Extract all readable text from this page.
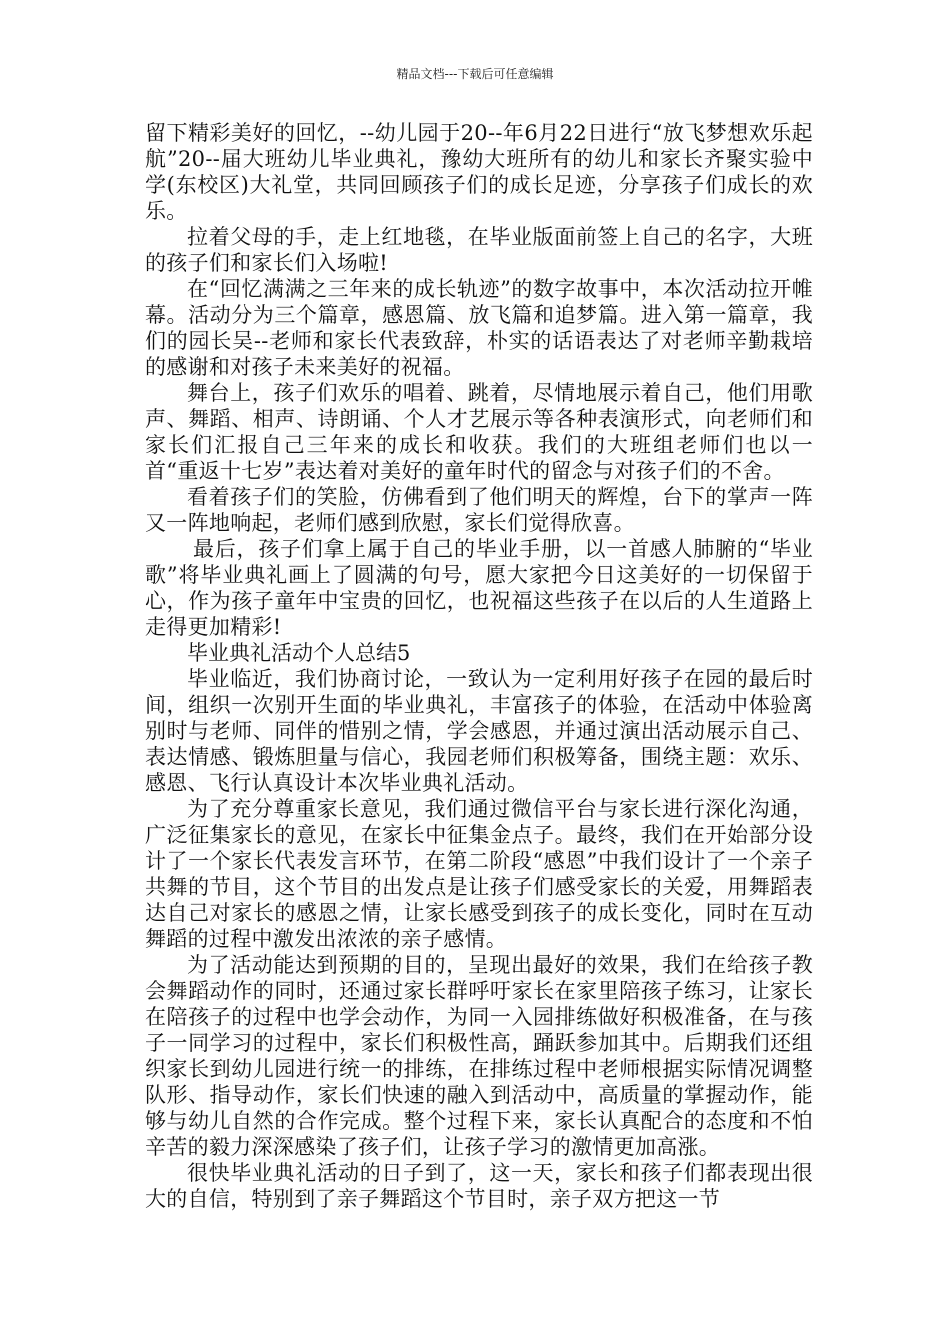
精品文档---下载后可任意编辑

留下精彩美好的回忆，--幼儿园于20--年6月22日进行“放飞梦想欢乐起航”20--届大班幼儿毕业典礼，豫幼大班所有的幼儿和家长齐聚实验中学(东校区)大礼堂，共同回顾孩子们的成长足迹，分享孩子们成长的欢乐。

拉着父母的手，走上红地毯，在毕业版面前签上自己的名字，大班的孩子们和家长们入场啦!

在“回忆满满之三年来的成长轨迹”的数字故事中，本次活动拉开帷幕。活动分为三个篇章，感恩篇、放飞篇和追梦篇。进入第一篇章，我们的园长吴--老师和家长代表致辞，朴实的话语表达了对老师辛勤栽培的感谢和对孩子未来美好的祝福。

舞台上，孩子们欢乐的唱着、跳着，尽情地展示着自己，他们用歌声、舞蹈、相声、诗朗诵、个人才艺展示等各种表演形式，向老师们和家长们汇报自己三年来的成长和收获。我们的大班组老师们也以一首“重返十七岁”表达着对美好的童年时代的留念与对孩子们的不舍。

看着孩子们的笑脸，仿佛看到了他们明天的辉煌，台下的掌声一阵又一阵地响起，老师们感到欣慰，家长们觉得欣喜。

最后，孩子们拿上属于自己的毕业手册，以一首感人肺腑的“毕业歌”将毕业典礼画上了圆满的句号，愿大家把今日这美好的一切保留于心，作为孩子童年中宝贵的回忆，也祝福这些孩子在以后的人生道路上走得更加精彩!

毕业典礼活动个人总结5

毕业临近，我们协商讨论，一致认为一定利用好孩子在园的最后时间，组织一次别开生面的毕业典礼，丰富孩子的体验，在活动中体验离别时与老师、同伴的惜别之情，学会感恩，并通过演出活动展示自己、表达情感、锻炼胆量与信心，我园老师们积极筹备，围绕主题：欢乐、感恩、飞行认真设计本次毕业典礼活动。

为了充分尊重家长意见，我们通过微信平台与家长进行深化沟通，广泛征集家长的意见，在家长中征集金点子。最终，我们在开始部分设计了一个家长代表发言环节，在第二阶段“感恩”中我们设计了一个亲子共舞的节目，这个节目的出发点是让孩子们感受家长的关爱，用舞蹈表达自己对家长的感恩之情，让家长感受到孩子的成长变化，同时在互动舞蹈的过程中激发出浓浓的亲子感情。

为了活动能达到预期的目的，呈现出最好的效果，我们在给孩子教会舞蹈动作的同时，还通过家长群呼吁家长在家里陪孩子练习，让家长在陪孩子的过程中也学会动作，为同一入园排练做好积极准备，在与孩子一同学习的过程中，家长们积极性高，踊跃参加其中。后期我们还组织家长到幼儿园进行统一的排练，在排练过程中老师根据实际情况调整队形、指导动作，家长们快速的融入到活动中，高质量的掌握动作，能够与幼儿自然的合作完成。整个过程下来，家长认真配合的态度和不怕辛苦的毅力深深感染了孩子们，让孩子学习的激情更加高涨。

很快毕业典礼活动的日子到了，这一天，家长和孩子们都表现出很大的自信，特别到了亲子舞蹈这个节目时，亲子双方把这一节
